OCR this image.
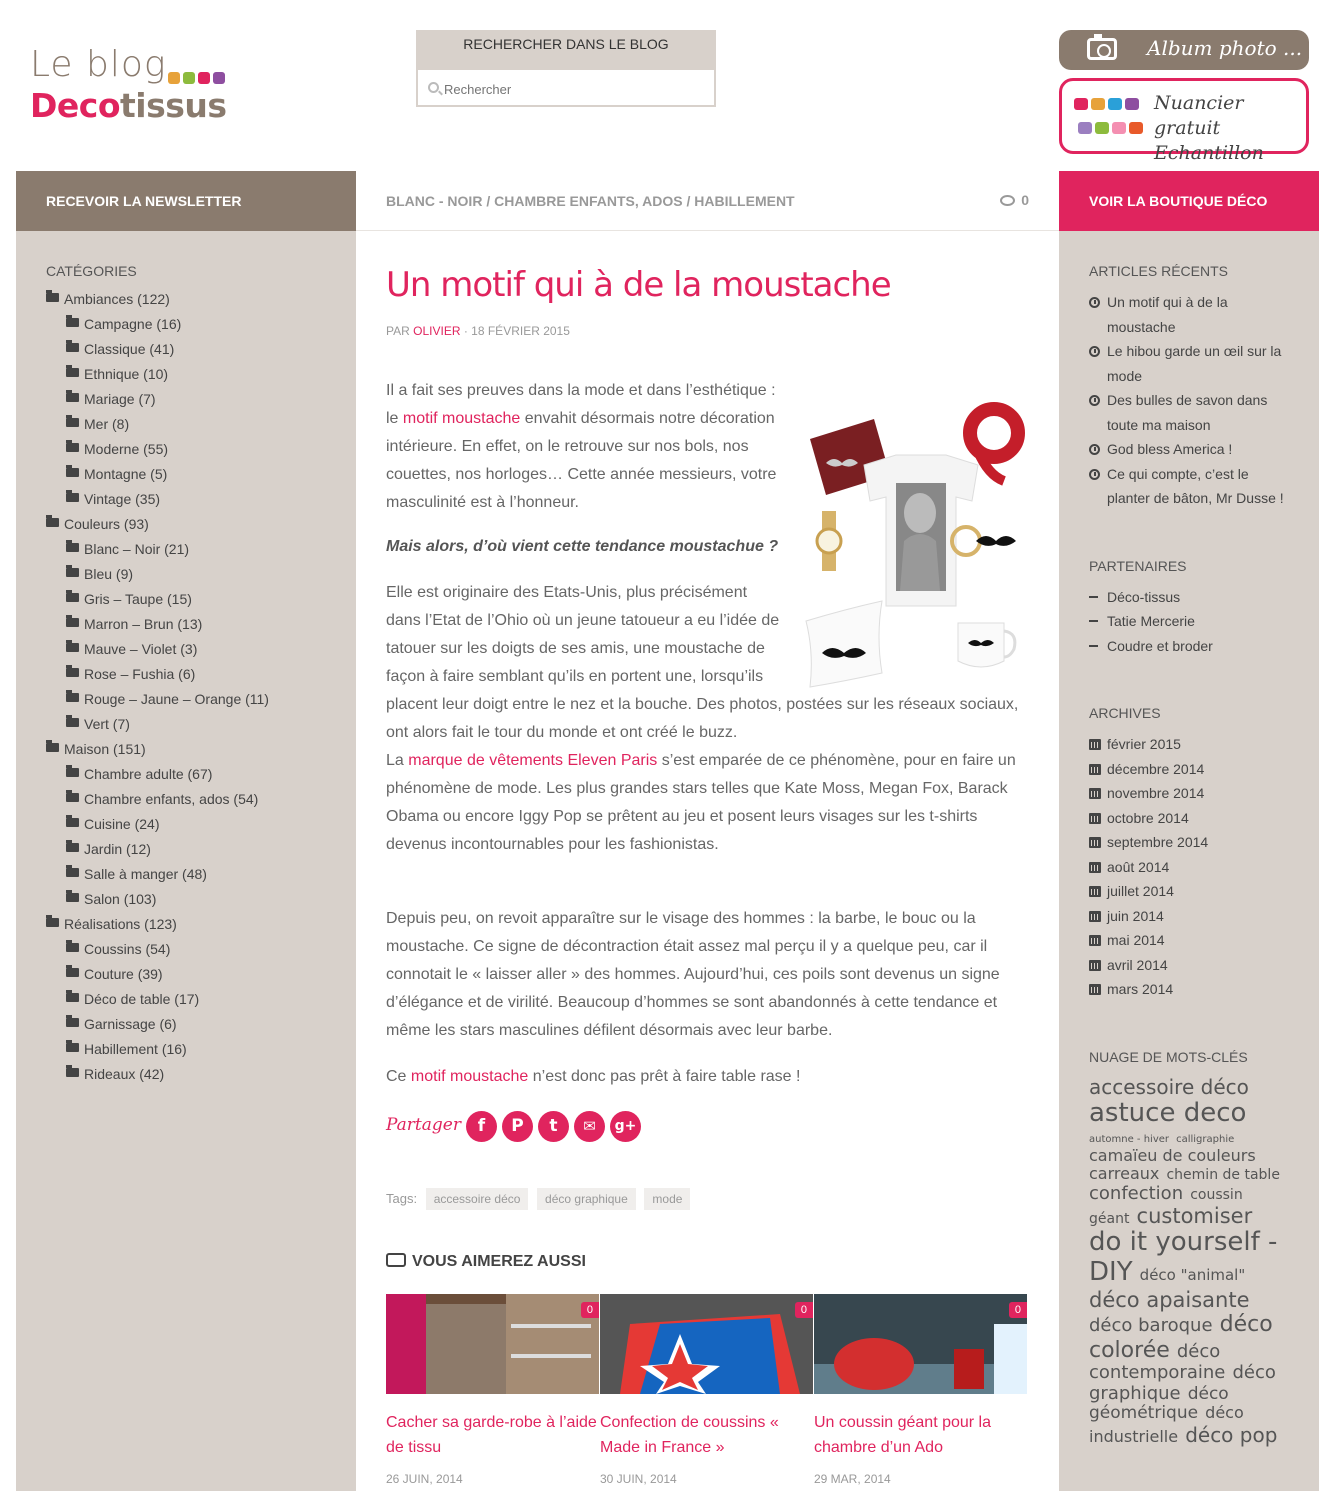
Le blog
Decotissus
RECHERCHER DANS LE BLOG
Rechercher	Album photo ...
Nuancier gratuit
Echantillon
RECEVOIR LA NEWSLETTER	BLANC - NOIR / CHAMBRE ENFANTS, ADOS / HABILLEMENT	0	VOIR LA BOUTIQUE DÉCO
CATÉGORIES
Ambiances (122)
Campagne (16)
Classique (41)
Ethnique (10)
Mariage (7)
Mer (8)
Moderne (55)
Montagne (5)
Vintage (35)
Couleurs (93)
Blanc – Noir (21)
Bleu (9)
Gris – Taupe (15)
Marron – Brun (13)
Mauve – Violet (3)
Rose – Fushia (6)
Rouge – Jaune – Orange (11)
Vert (7)
Maison (151)
Chambre adulte (67)
Chambre enfants, ados (54)
Cuisine (24)
Jardin (12)
Salle à manger (48)
Salon (103)
Réalisations (123)
Coussins (54)
Couture (39)
Déco de table (17)
Garnissage (6)
Habillement (16)
Rideaux (42)
Un motif qui à de la moustache
PAR OLIVIER · 18 FÉVRIER 2015

Il a fait ses preuves dans la mode et dans l’esthétique : le motif moustache envahit désormais notre décoration intérieure. En effet, on le retrouve sur nos bols, nos couettes, nos horloges… Cette année messieurs, votre masculinité est à l’honneur.

Mais alors, d’où vient cette tendance moustachue ?

Elle est originaire des Etats-Unis, plus précisément dans l’Etat de l’Ohio où un jeune tatoueur a eu l’idée de tatouer sur les doigts de ses amis, une moustache de façon à faire semblant qu’ils en portent une, lorsqu’ils placent leur doigt entre le nez et la bouche. Des photos, postées sur les réseaux sociaux, ont alors fait le tour du monde et ont créé le buzz.
La marque de vêtements Eleven Paris s’est emparée de ce phénomène, pour en faire un phénomène de mode. Les plus grandes stars telles que Kate Moss, Megan Fox, Barack Obama ou encore Iggy Pop se prêtent au jeu et posent leurs visages sur les t-shirts devenus incontournables pour les fashionistas.

Depuis peu, on revoit apparaître sur le visage des hommes : la barbe, le bouc ou la moustache. Ce signe de décontraction était assez mal perçu il y a quelque peu, car il connotait le « laisser aller » des hommes. Aujourd’hui, ces poils sont devenus un signe d’élégance et de virilité. Beaucoup d’hommes se sont abandonnés à cette tendance et même les stars masculines défilent désormais avec leur barbe.

Ce motif moustache n’est donc pas prêt à faire table rase !

Partager f	P	t	✉	g+
Tags: accessoire déco déco graphique mode
VOUS AIMEREZ AUSSI
0
Cacher sa garde-robe à l’aide de tissu
26 JUIN, 2014
0
Confection de coussins « Made in France »
30 JUIN, 2014
0
Un coussin géant pour la chambre d’un Ado
29 MAR, 2014
ARTICLES RÉCENTS
Un motif qui à de la moustache
Le hibou garde un œil sur la mode
Des bulles de savon dans toute ma maison
God bless America !
Ce qui compte, c’est le planter de bâton, Mr Dusse !
PARTENAIRES
Déco-tissus
Tatie Mercerie
Coudre et broder
ARCHIVES
février 2015
décembre 2014
novembre 2014
octobre 2014
septembre 2014
août 2014
juillet 2014
juin 2014
mai 2014
avril 2014
mars 2014
NUAGE DE MOTS-CLÉS
accessoire déco astuce deco automne - hiver calligraphie camaïeu de couleurs carreaux chemin de table confection coussin géant customiser do it yourself - DIY déco "animal" déco apaisante déco baroque déco colorée déco contemporaine déco graphique déco géométrique déco industrielle déco pop
